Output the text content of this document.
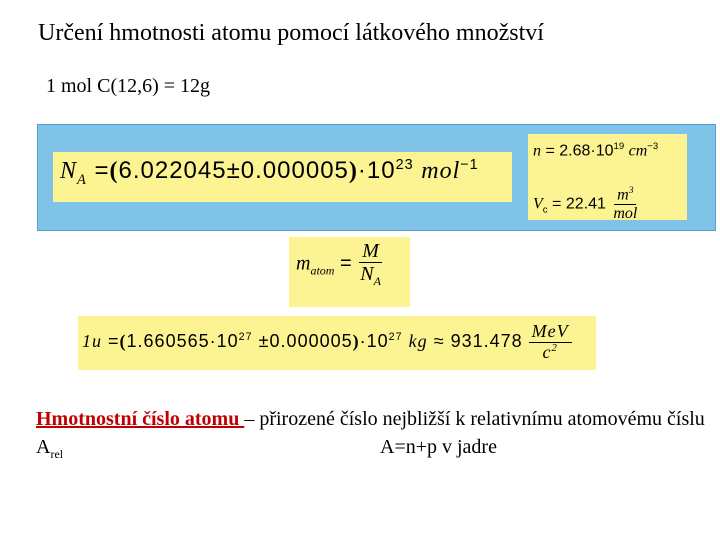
Určení hmotnosti atomu pomocí látkového množství
1 mol C(12,6) = 12g
$N_A =(6.022045\pm 0.000005)\cdot 10^{23}$ mol$^{-1}$
$n = 2.68\cdot 10^{19}$ $cm^{-3}$
$V_c = 22.41 \frac{m^3}{\text{mol}}$
$m_{atom} = \frac{M}{N_A}$
$1u =(1.660565\cdot 10^{27} \pm 0.000005)\cdot 10^{27}$ kg ≈ $931.478 \frac{\text{MeV}}{c^2}$
Hmotnostní číslo atomu – přirozené číslo nejbližší k relativnímu atomovému číslu $A_{rel}$	A=n+p v jadre
